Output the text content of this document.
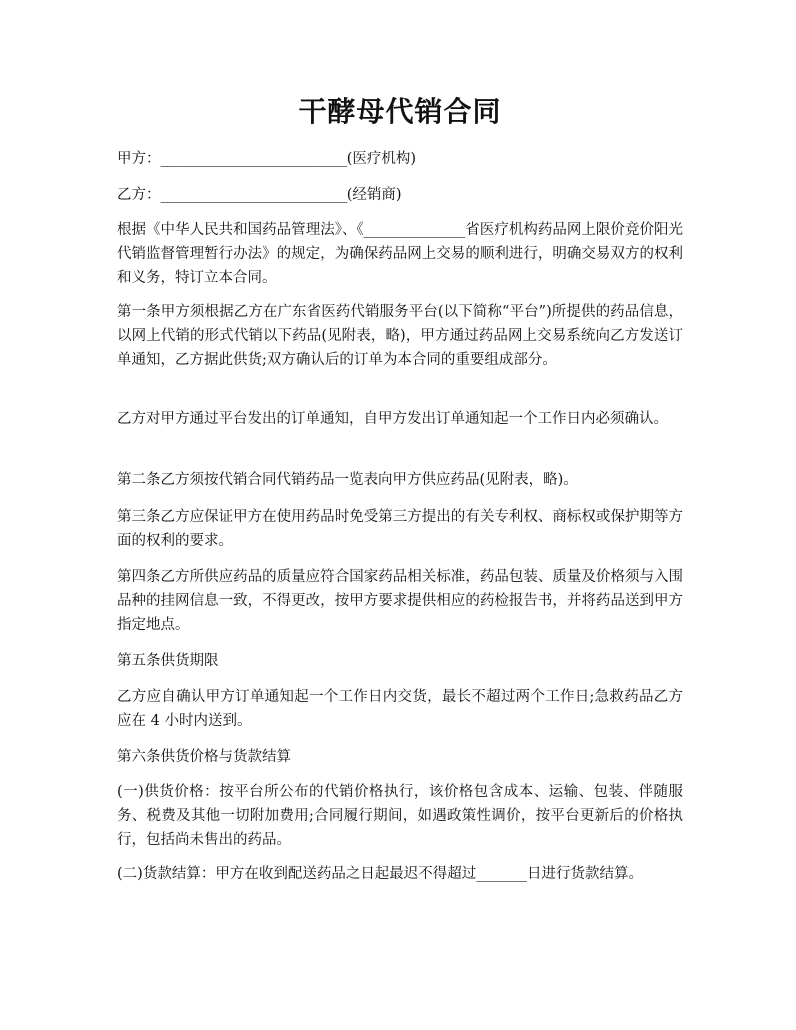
干酵母代销合同
甲方：____________________________(医疗机构)
乙方：____________________________(经销商)

根据《中华人民共和国药品管理法》、《______________省医疗机构药品网上限价竞价阳光代销监督管理暂行办法》的规定，为确保药品网上交易的顺利进行，明确交易双方的权利和义务，特订立本合同。

第一条甲方须根据乙方在广东省医药代销服务平台(以下简称“平台”)所提供的药品信息，以网上代销的形式代销以下药品(见附表，略)，甲方通过药品网上交易系统向乙方发送订单通知，乙方据此供货;双方确认后的订单为本合同的重要组成部分。

乙方对甲方通过平台发出的订单通知，自甲方发出订单通知起一个工作日内必须确认。

第二条乙方须按代销合同代销药品一览表向甲方供应药品(见附表，略)。

第三条乙方应保证甲方在使用药品时免受第三方提出的有关专利权、商标权或保护期等方面的权利的要求。

第四条乙方所供应药品的质量应符合国家药品相关标准，药品包装、质量及价格须与入围品种的挂网信息一致，不得更改，按甲方要求提供相应的药检报告书，并将药品送到甲方指定地点。

第五条供货期限

乙方应自确认甲方订单通知起一个工作日内交货，最长不超过两个工作日;急救药品乙方应在 4 小时内送到。

第六条供货价格与货款结算

(一)供货价格：按平台所公布的代销价格执行，该价格包含成本、运输、包装、伴随服务、税费及其他一切附加费用;合同履行期间，如遇政策性调价，按平台更新后的价格执行，包括尚未售出的药品。

(二)货款结算：甲方在收到配送药品之日起最迟不得超过_______日进行货款结算。
